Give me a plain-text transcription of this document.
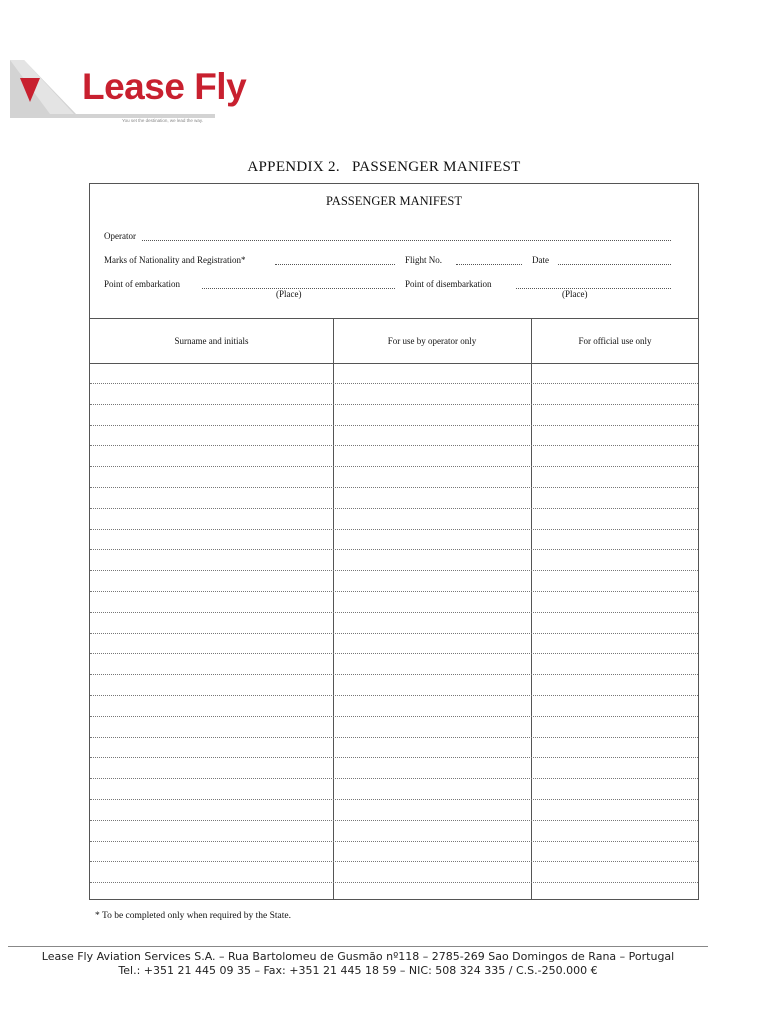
Lease Fly
You set the destination, we lead the way.
APPENDIX 2. PASSENGER MANIFEST
PASSENGER MANIFEST
Operator
Marks of Nationality and Registration*	Flight No.	Date
Point of embarkation
(Place)
Point of disembarkation
(Place)
Surname and initials	For use by operator only	For official use only
* To be completed only when required by the State.
Lease Fly Aviation Services S.A. – Rua Bartolomeu de Gusmão nº118 – 2785-269 Sao Domingos de Rana – Portugal
Tel.: +351 21 445 09 35 – Fax: +351 21 445 18 59 – NIC: 508 324 335 / C.S.-250.000 €
